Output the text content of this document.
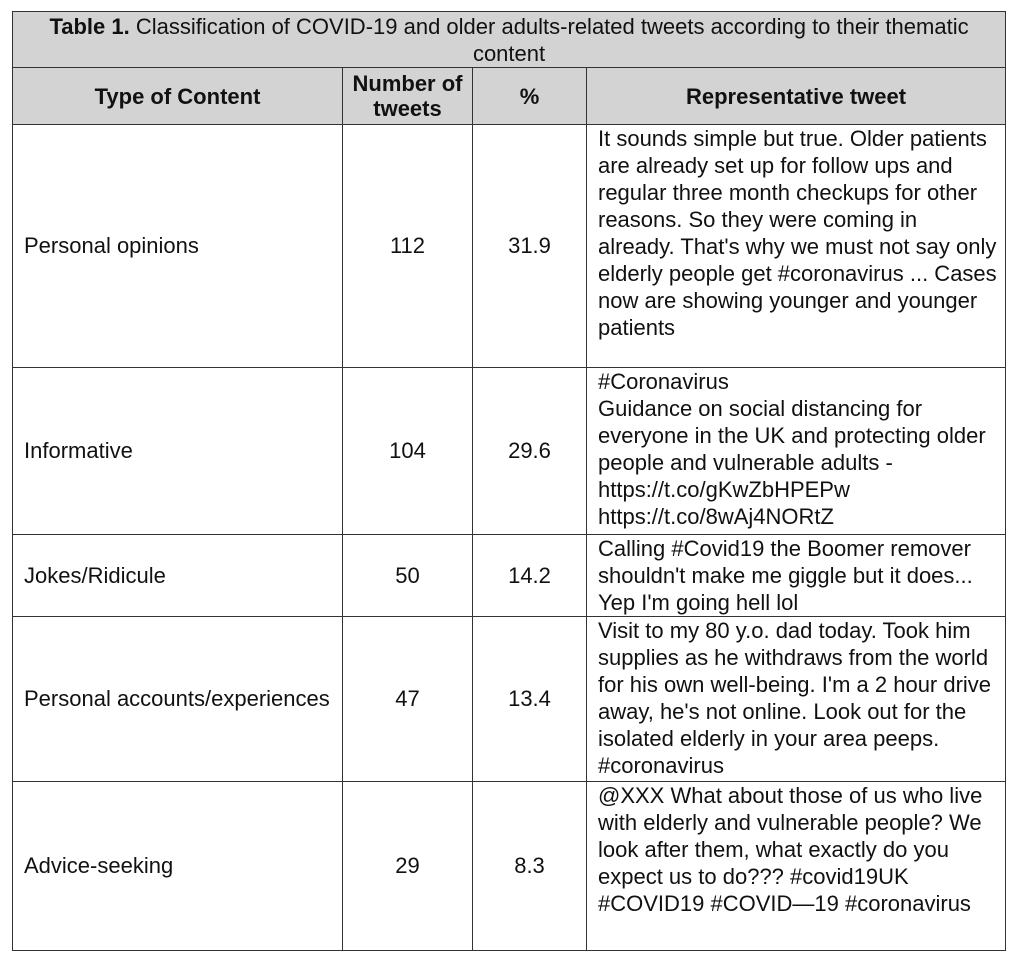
Table 1. Classification of COVID-19 and older adults-related tweets according to their thematic content			
Type of Content	Number of tweets	%	Representative tweet
Personal opinions	112	31.9	It sounds simple but true. Older patients are already set up for follow ups and regular three month checkups for other reasons. So they were coming in already. That's why we must not say only elderly people get #coronavirus ... Cases now are showing younger and younger patients
Informative	104	29.6	#Coronavirus
Guidance on social distancing for everyone in the UK and protecting older people and vulnerable adults - https://t.co/gKwZbHPEPw
https://t.co/8wAj4NORtZ
Jokes/Ridicule	50	14.2	Calling #Covid19 the Boomer remover shouldn't make me giggle but it does... Yep I'm going hell lol
Personal accounts/experiences	47	13.4	Visit to my 80 y.o. dad today. Took him supplies as he withdraws from the world for his own well-being. I'm a 2 hour drive away, he's not online. Look out for the isolated elderly in your area peeps. #coronavirus
Advice-seeking	29	8.3	@XXX What about those of us who live with elderly and vulnerable people? We look after them, what exactly do you expect us to do??? #covid19UK #COVID19 #COVID—19 #coronavirus
